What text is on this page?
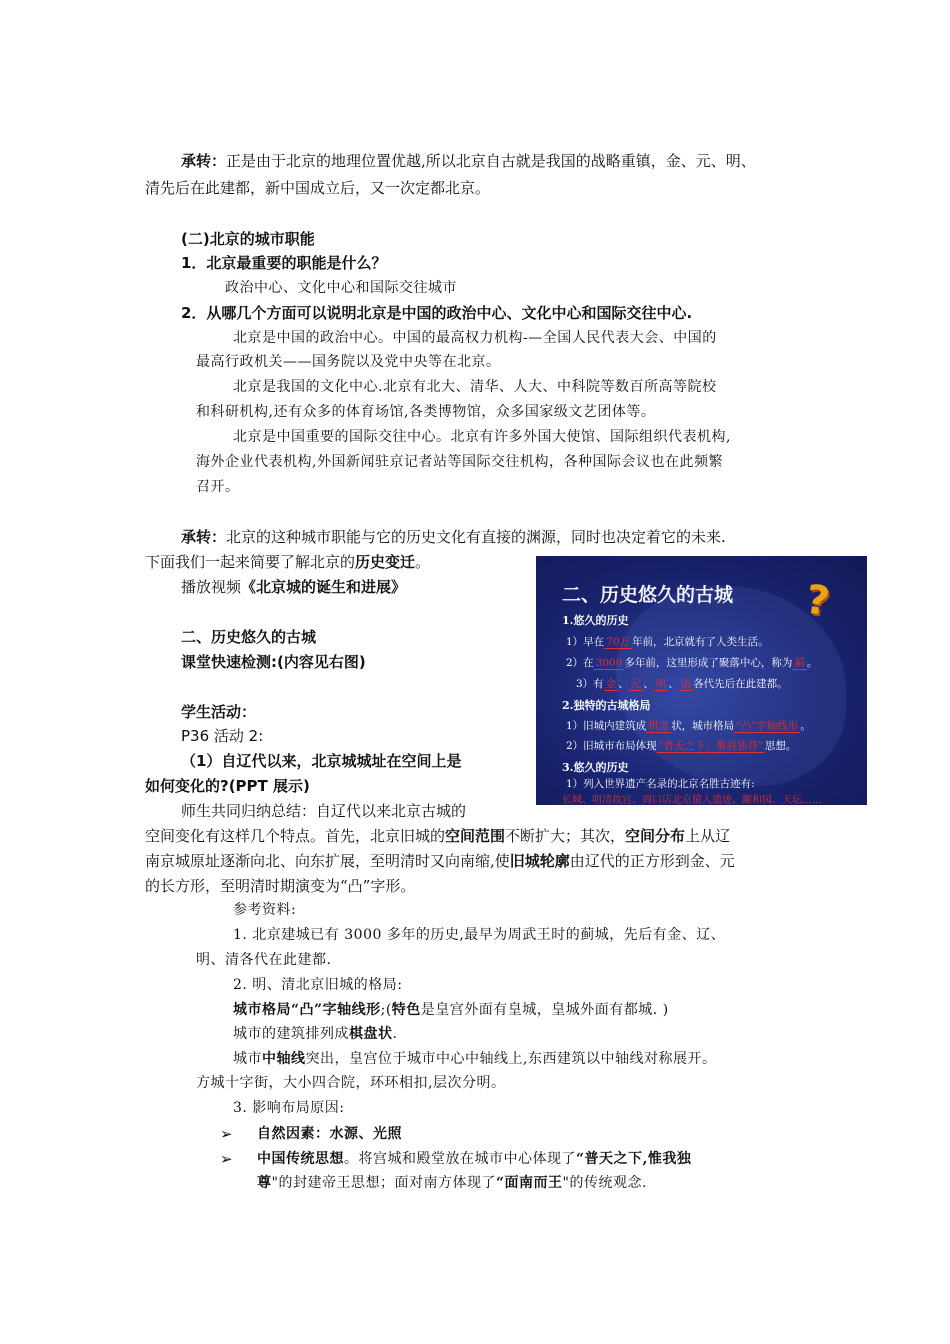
承转：正是由于北京的地理位置优越,所以北京自古就是我国的战略重镇，金、元、明、
清先后在此建都，新中国成立后，又一次定都北京。
(二)北京的城市职能
1．北京最重要的职能是什么？
政治中心、文化中心和国际交往城市
2．从哪几个方面可以说明北京是中国的政治中心、文化中心和国际交往中心.
北京是中国的政治中心。中国的最高权力机构-—全国人民代表大会、中国的
最高行政机关——国务院以及党中央等在北京。
北京是我国的文化中心.北京有北大、清华、人大、中科院等数百所高等院校
和科研机构,还有众多的体育场馆,各类博物馆，众多国家级文艺团体等。
北京是中国重要的国际交往中心。北京有许多外国大使馆、国际组织代表机构,
海外企业代表机构,外国新闻驻京记者站等国际交往机构，各种国际会议也在此频繁
召开。
承转：北京的这种城市职能与它的历史文化有直接的渊源，同时也决定着它的未来.
下面我们一起来简要了解北京的历史变迁。
播放视频《北京城的诞生和进展》
二、历史悠久的古城
课堂快速检测:(内容见右图)
学生活动：
P36 活动 2:
（1）自辽代以来，北京城城址在空间上是
如何变化的?(PPT 展示)
师生共同归纳总结：自辽代以来北京古城的
空间变化有这样几个特点。首先，北京旧城的空间范围不断扩大；其次，空间分布上从辽
南京城原址逐渐向北、向东扩展，至明清时又向南缩,使旧城轮廓由辽代的正方形到金、元
的长方形，至明清时期演变为“凸”字形。
参考资料:
1. 北京建城已有 3000 多年的历史,最早为周武王时的蓟城，先后有金、辽、
明、清各代在此建都.
2. 明、清北京旧城的格局:
城市格局“凸”字轴线形;(特色是皇宫外面有皇城，皇城外面有都城. )
城市的建筑排列成棋盘状.
城市中轴线突出，皇宫位于城市中心中轴线上,东西建筑以中轴线对称展开。
方城十字街，大小四合院，环环相扣,层次分明。
3. 影响布局原因:
➢ 自然因素：水源、光照
➢ 中国传统思想。将宫城和殿堂放在城市中心体现了“普天之下,惟我独
尊"的封建帝王思想；面对南方体现了“面南而王"的传统观念.
?
二、历史悠久的古城
1.悠久的历史
1）早在 70万 年前，北京就有了人类生活。
2）在 3000 多年前，这里形成了聚落中心，称为 蓟 。
3）有 金 、 元 、 明 、 清 各代先后在此建都。
2.独特的古城格局
1）旧城内建筑成 棋盘 状，城市格局 "凸"字轴线形 。
2）旧城市布局体现 "普天之下，惟我独尊" 思想。
3.悠久的历史
1）列入世界遗产名录的北京名胜古迹有:
长城、明清故宫、周口店北京猿人遗迹、颐和园、天坛……
